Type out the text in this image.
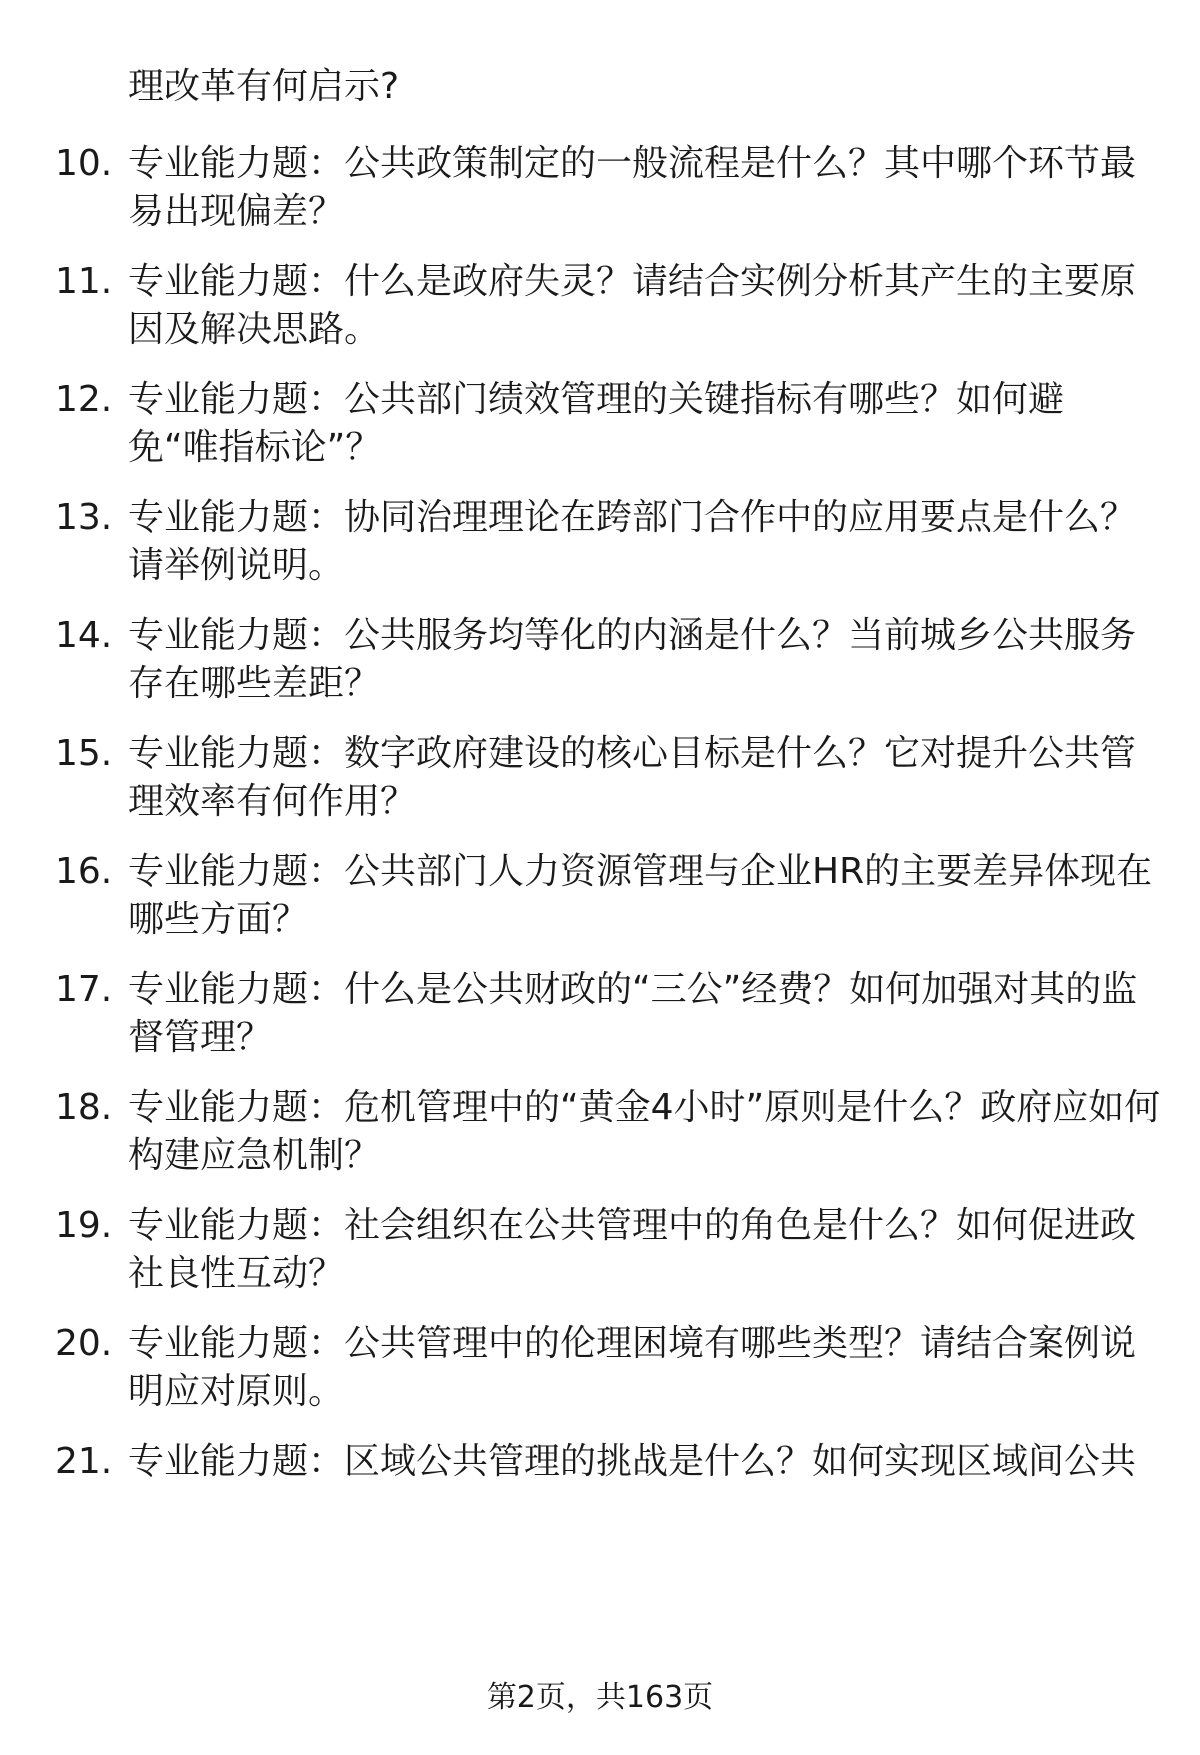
理改革有何启示?
10. 专业能力题：公共政策制定的一般流程是什么？其中哪个环节最易出现偏差？
11. 专业能力题：什么是政府失灵？请结合实例分析其产生的主要原因及解决思路。
12. 专业能力题：公共部门绩效管理的关键指标有哪些？如何避免“唯指标论”？
13. 专业能力题：协同治理理论在跨部门合作中的应用要点是什么？请举例说明。
14. 专业能力题：公共服务均等化的内涵是什么？当前城乡公共服务存在哪些差距？
15. 专业能力题：数字政府建设的核心目标是什么？它对提升公共管理效率有何作用？
16. 专业能力题：公共部门人力资源管理与企业HR的主要差异体现在哪些方面？
17. 专业能力题：什么是公共财政的“三公”经费？如何加强对其的监督管理？
18. 专业能力题：危机管理中的“黄金4小时”原则是什么？政府应如何构建应急机制？
19. 专业能力题：社会组织在公共管理中的角色是什么？如何促进政社良性互动？
20. 专业能力题：公共管理中的伦理困境有哪些类型？请结合案例说明应对原则。
21. 专业能力题：区域公共管理的挑战是什么？如何实现区域间公共
第2页，共163页
